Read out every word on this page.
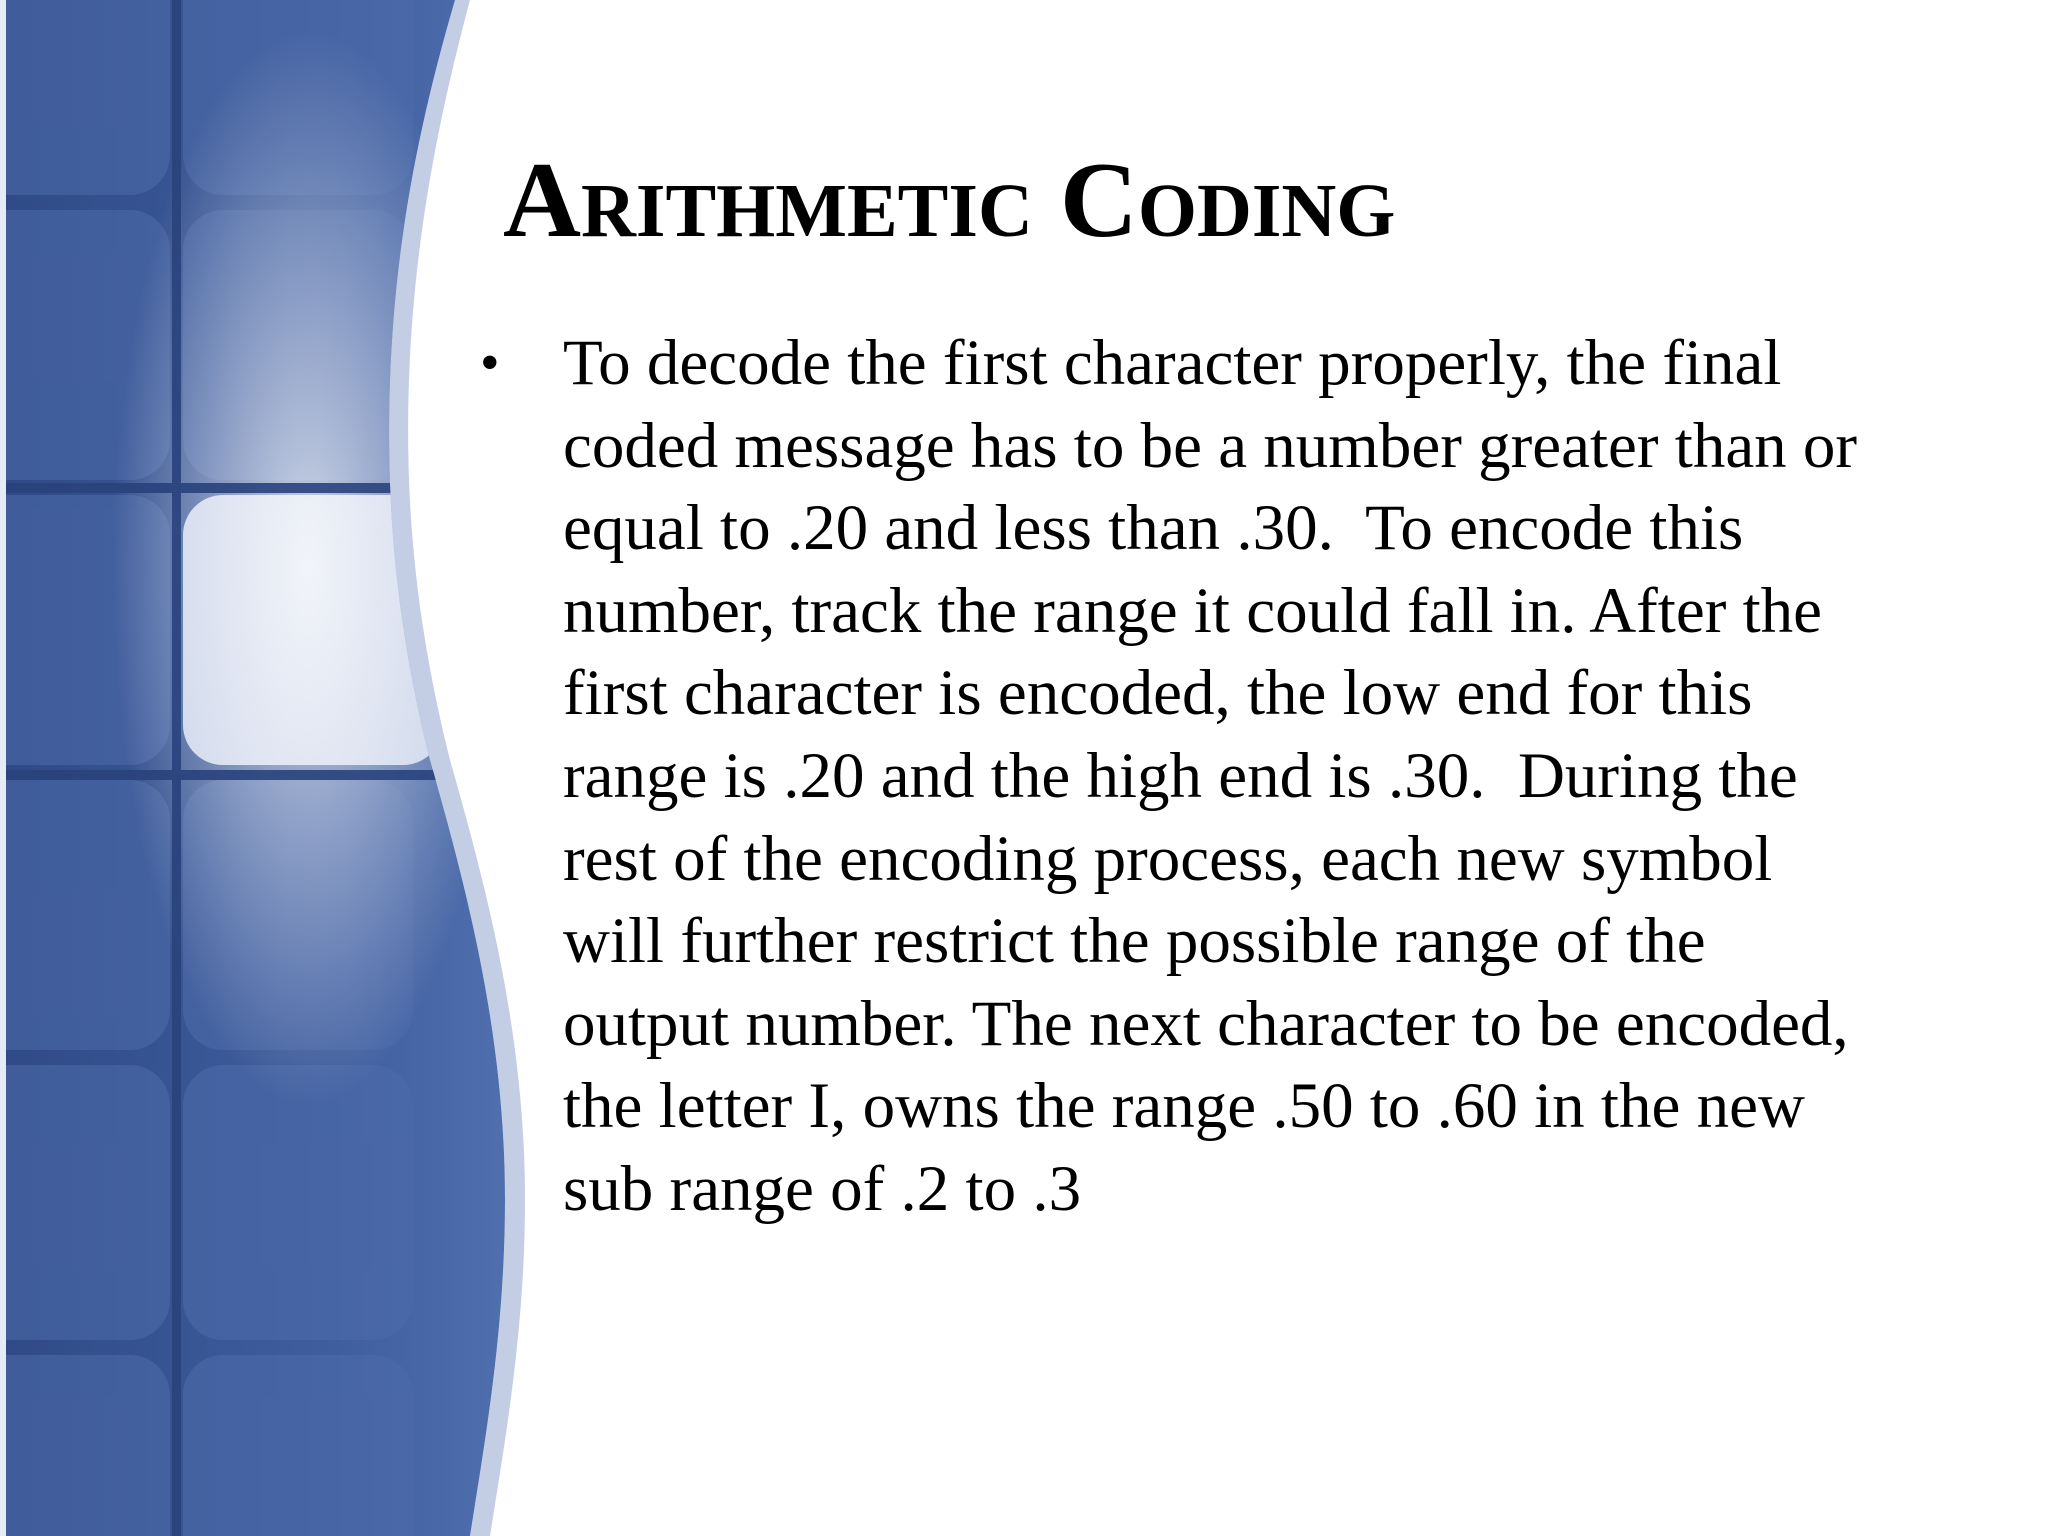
Arithmetic Coding
• To decode the first character properly, the final
coded message has to be a number greater than or
equal to .20 and less than .30.  To encode this
number, track the range it could fall in. After the
first character is encoded, the low end for this
range is .20 and the high end is .30.  During the
rest of the encoding process, each new symbol
will further restrict the possible range of the
output number. The next character to be encoded,
the letter I, owns the range .50 to .60 in the new
sub range of .2 to .3
